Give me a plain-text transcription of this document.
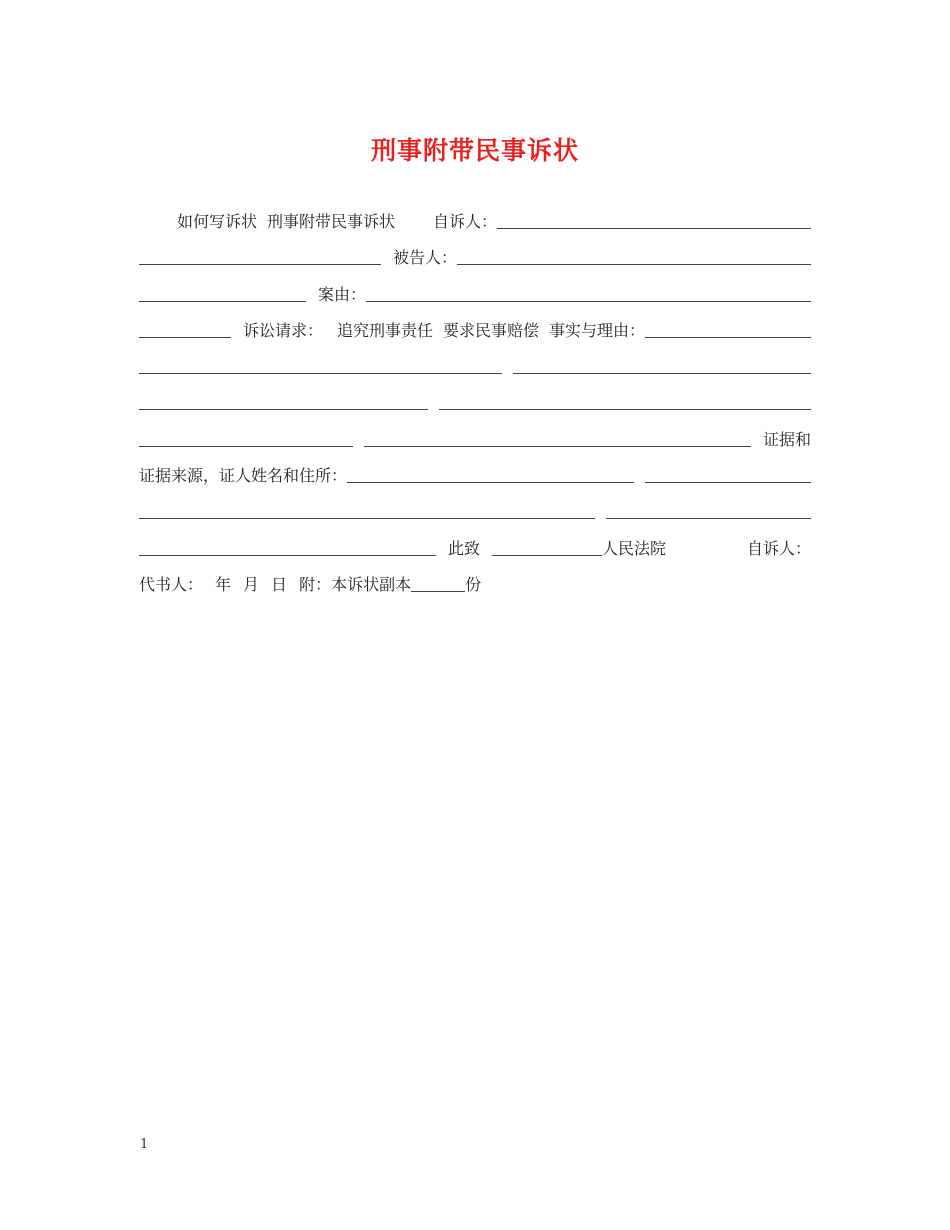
刑事附带民事诉状
如何写诉状 刑事附带民事诉状 自诉人：
被告人：
案由：
诉讼请求： 追究刑事责任 要求民事赔偿 事实与理由：
证据和
证据来源，证人姓名和住所：
此致	人民法院	自诉人：
代书人： 年 月 日 附：本诉状副本	份
1
